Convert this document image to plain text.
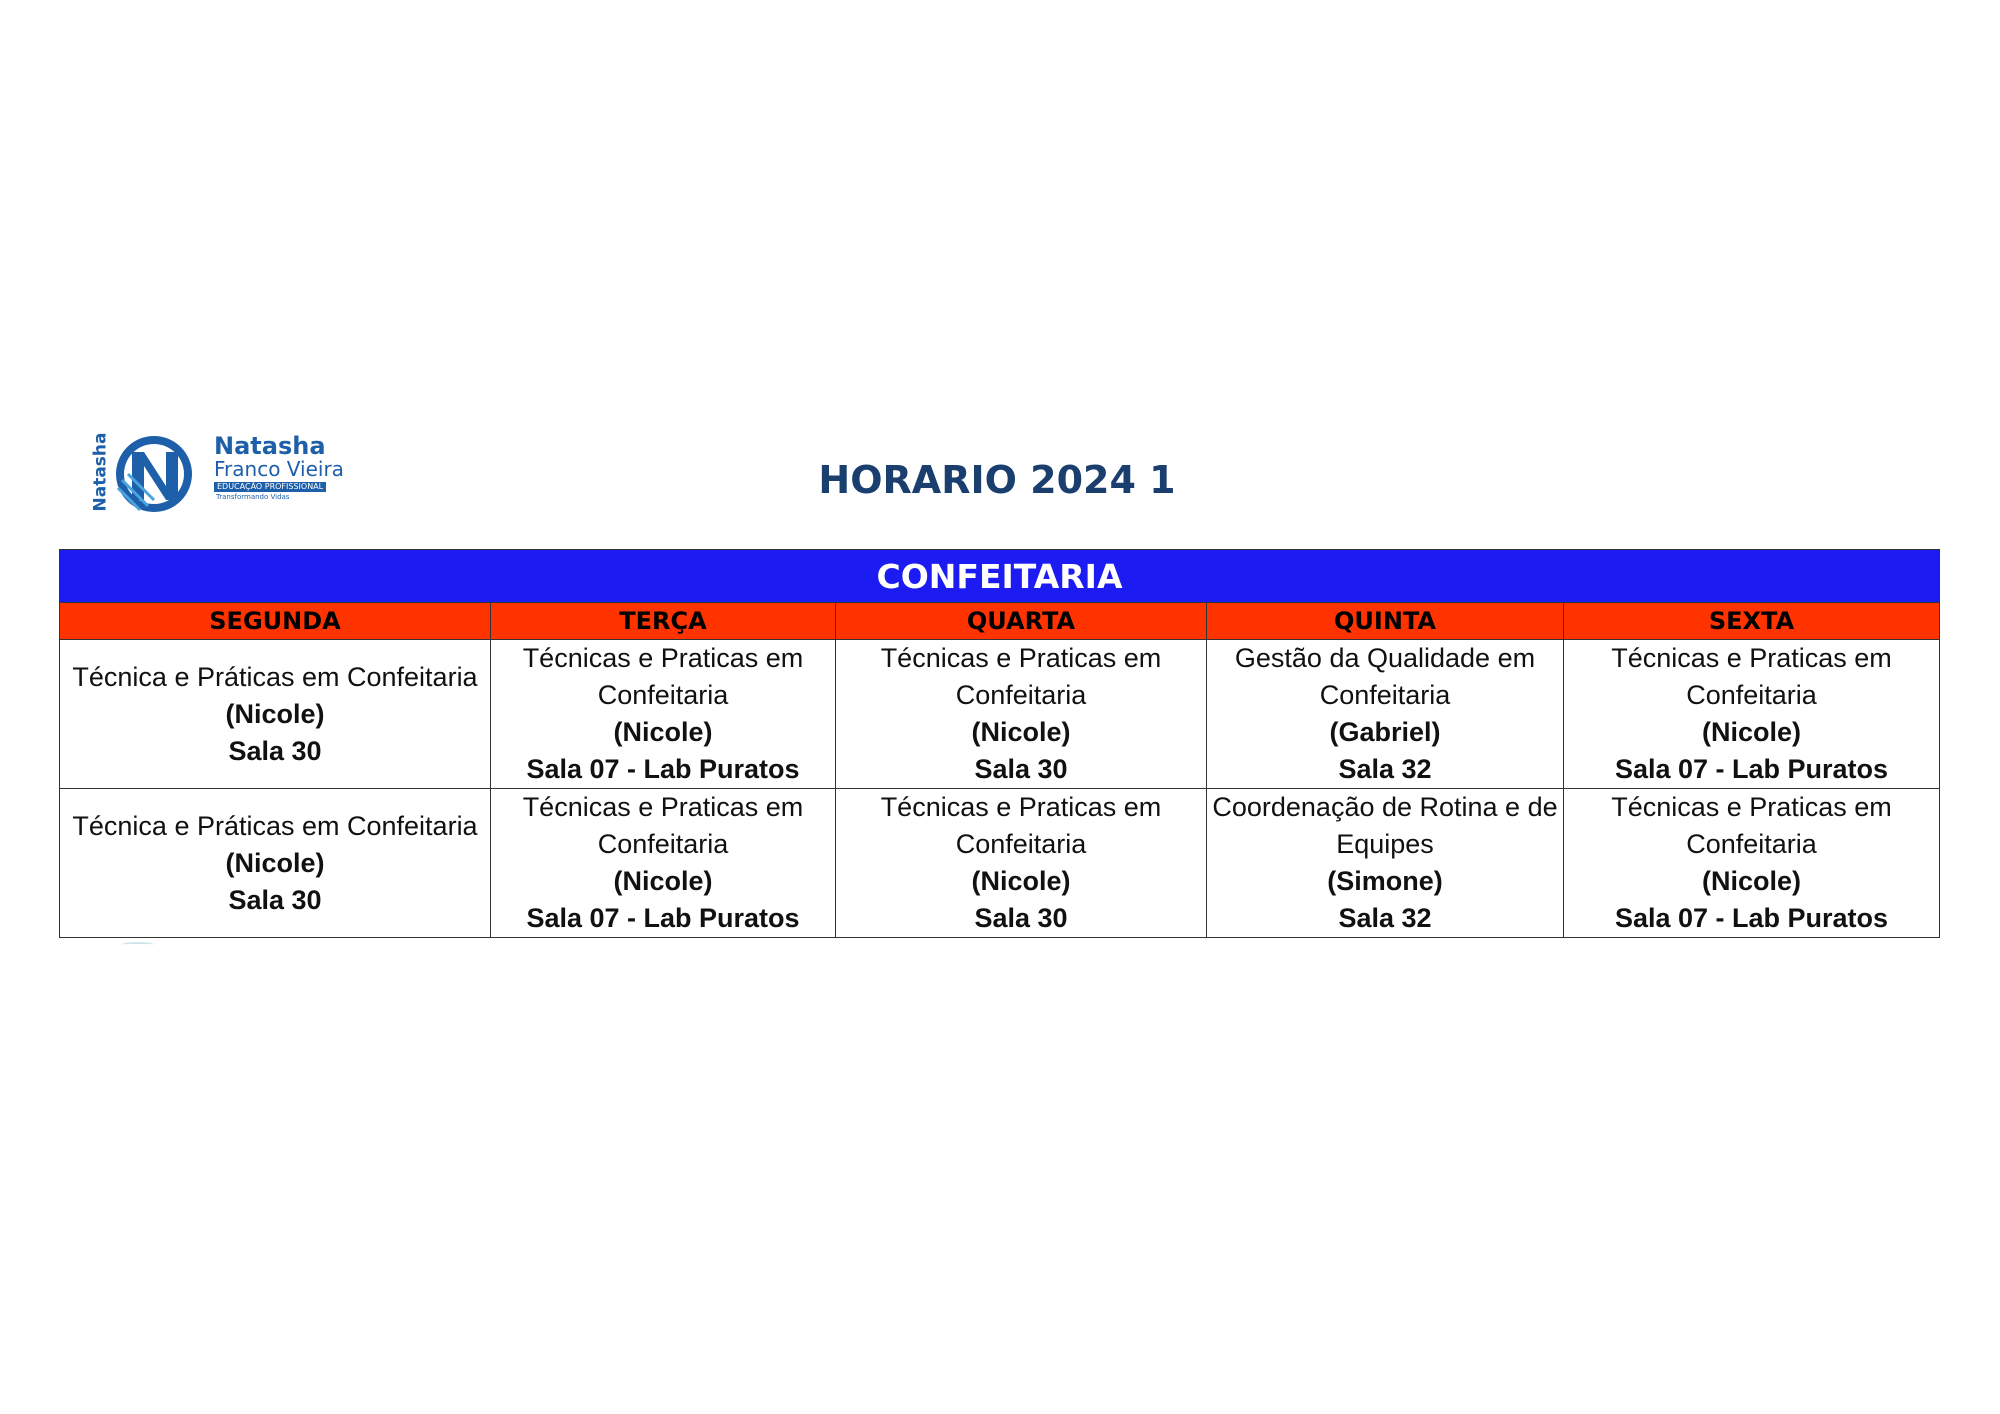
Natasha	Natasha
Franco Vieira
EDUCAÇÃO PROFISSIONAL
Transformando Vidas	HORARIO 2024 1
CONFEITARIA				
SEGUNDA	TERÇA	QUARTA	QUINTA	SEXTA

Técnica e Práticas em Confeitaria
(Nicole)
Sala 30	Técnicas e Praticas em Confeitaria
(Nicole)
Sala 07 - Lab Puratos	Técnicas e Praticas em Confeitaria
(Nicole)
Sala 30	Gestão da Qualidade em Confeitaria
(Gabriel)
Sala 32	Técnicas e Praticas em Confeitaria
(Nicole)
Sala 07 - Lab Puratos

Técnica e Práticas em Confeitaria
(Nicole)
Sala 30	Técnicas e Praticas em Confeitaria
(Nicole)
Sala 07 - Lab Puratos	Técnicas e Praticas em Confeitaria
(Nicole)
Sala 30	Coordenação de Rotina e de Equipes
(Simone)
Sala 32	Técnicas e Praticas em Confeitaria
(Nicole)
Sala 07 - Lab Puratos
